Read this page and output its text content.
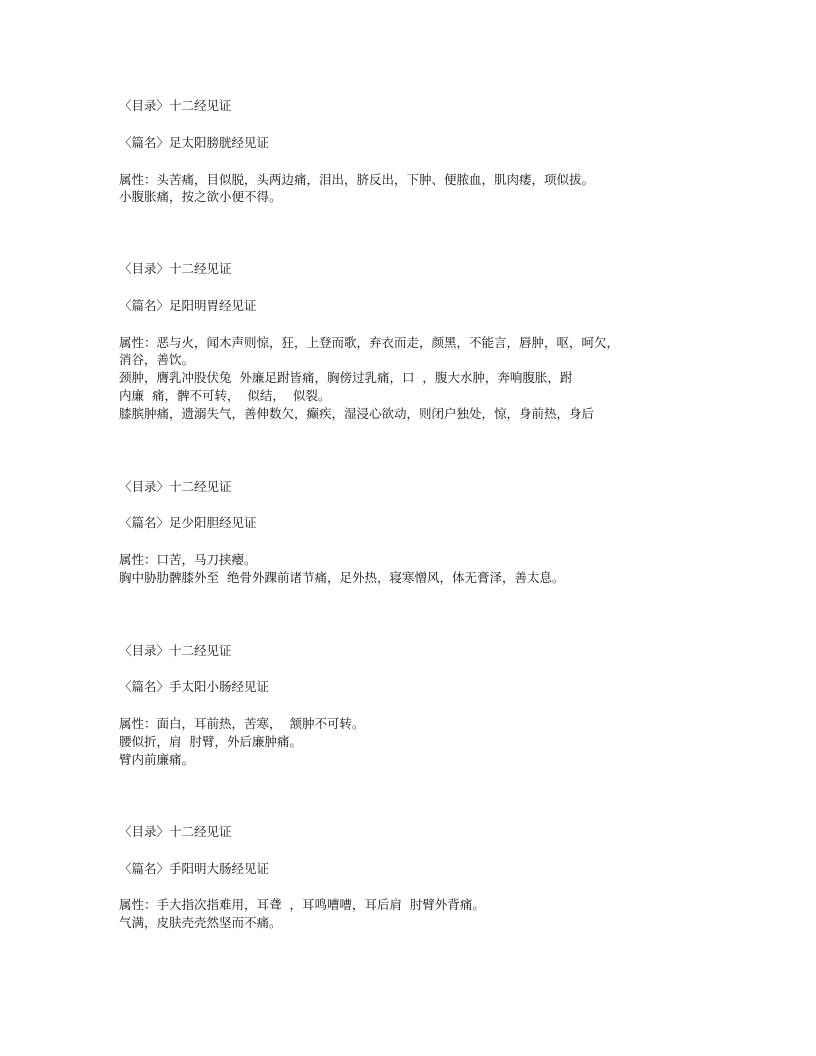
〈目录〉十二经见证
〈篇名〉足太阳膀胱经见证
属性：头苦痛，目似脱，头两边痛，泪出，脐反出，下肿、便脓血，肌肉痿，项似拔。
小腹胀痛，按之欲小便不得。
〈目录〉十二经见证
〈篇名〉足阳明胃经见证
属性：恶与火，闻木声则惊，狂，上登而歌，弃衣而走，颜黑，不能言，唇肿，呕，呵欠，
消谷，善饮。
颈肿，膺乳冲股伏兔  外廉足跗皆痛，胸傍过乳痛，口  ，腹大水肿，奔响腹胀，跗
内廉  痛，髀不可转，  似结，  似裂。
膝膑肿痛，遗溺失气，善伸数欠，癫疾，湿浸心欲动，则闭户独处，惊，身前热，身后
〈目录〉十二经见证
〈篇名〉足少阳胆经见证
属性：口苦，马刀挟瘿。
胸中胁肋髀膝外至  绝骨外踝前诸节痛，足外热，寝寒憎风，体无膏泽，善太息。
〈目录〉十二经见证
〈篇名〉手太阳小肠经见证
属性：面白，耳前热，苦寒，  颔肿不可转。
腰似折，肩  肘臂，外后廉肿痛。
臂内前廉痛。
〈目录〉十二经见证
〈篇名〉手阳明大肠经见证
属性：手大指次指难用，耳聋  ，耳鸣嘈嘈，耳后肩  肘臂外背痛。
气满，皮肤壳壳然坚而不痛。
